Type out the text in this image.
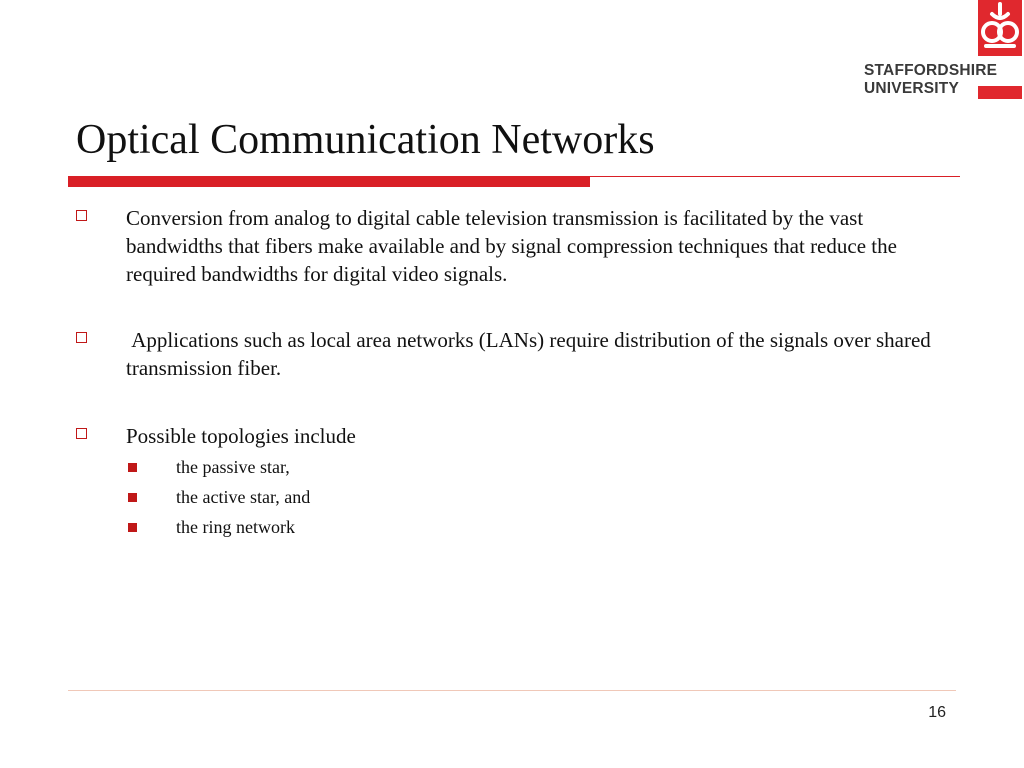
STAFFORDSHIRE
UNIVERSITY
Optical Communication Networks
Conversion from analog to digital cable television transmission is facilitated by the vast bandwidths that fibers make available and by signal compression techniques that reduce the required bandwidths for digital video signals.
Applications such as local area networks (LANs) require distribution of the signals over shared transmission fiber.
Possible topologies include
the passive star,
the active star, and
the ring network
16
